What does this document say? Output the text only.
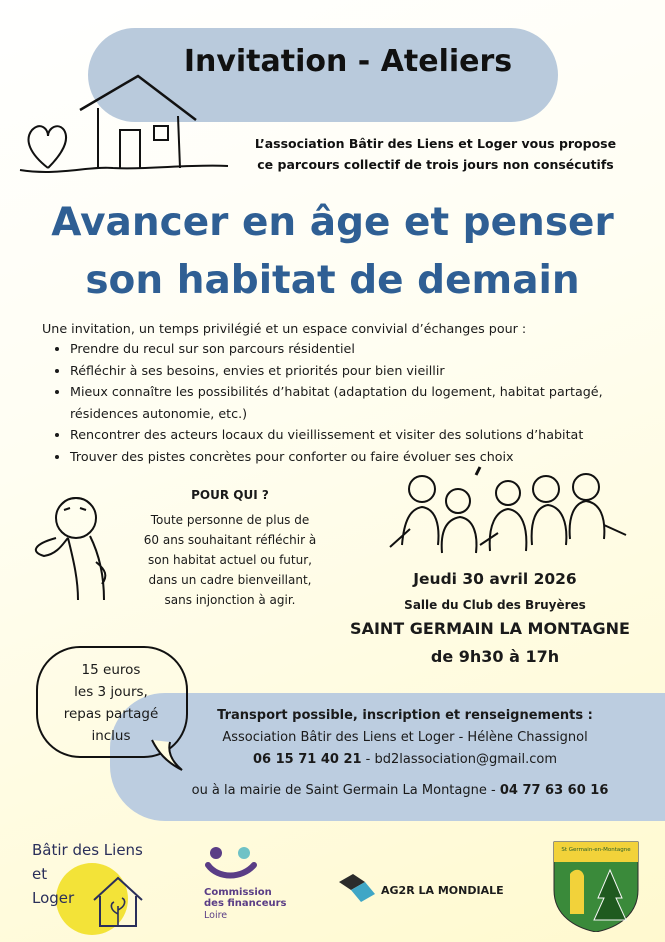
Invitation - Ateliers
L’association Bâtir des Liens et Loger vous propose
ce parcours collectif de trois jours non consécutifs
Avancer en âge et penser
son habitat de demain
Une invitation, un temps privilégié et un espace convivial d’échanges pour :
• Prendre du recul sur son parcours résidentiel
• Réfléchir à ses besoins, envies et priorités pour bien vieillir
• Mieux connaître les possibilités d’habitat (adaptation du logement, habitat partagé, résidences autonomie, etc.)
• Rencontrer des acteurs locaux du vieillissement et visiter des solutions d’habitat
• Trouver des pistes concrètes pour conforter ou faire évoluer ses choix
POUR QUI ?
Toute personne de plus de
60 ans souhaitant réfléchir à
son habitat actuel ou futur,
dans un cadre bienveillant,
sans injonction à agir.
Jeudi 30 avril 2026
Salle du Club des Bruyères
SAINT GERMAIN LA MONTAGNE
de 9h30 à 17h
15 euros
les 3 jours,
repas partagé
inclus
Transport possible, inscription et renseignements :
Association Bâtir des Liens et Loger - Hélène Chassignol
06 15 71 40 21 - bd2lassociation@gmail.com
ou à la mairie de Saint Germain La Montagne - 04 77 63 60 16
Bâtir des Liens
et
Loger	Commission
des financeurs
Loire
AG2R LA MONDIALE
St Germain-en-Montagne
